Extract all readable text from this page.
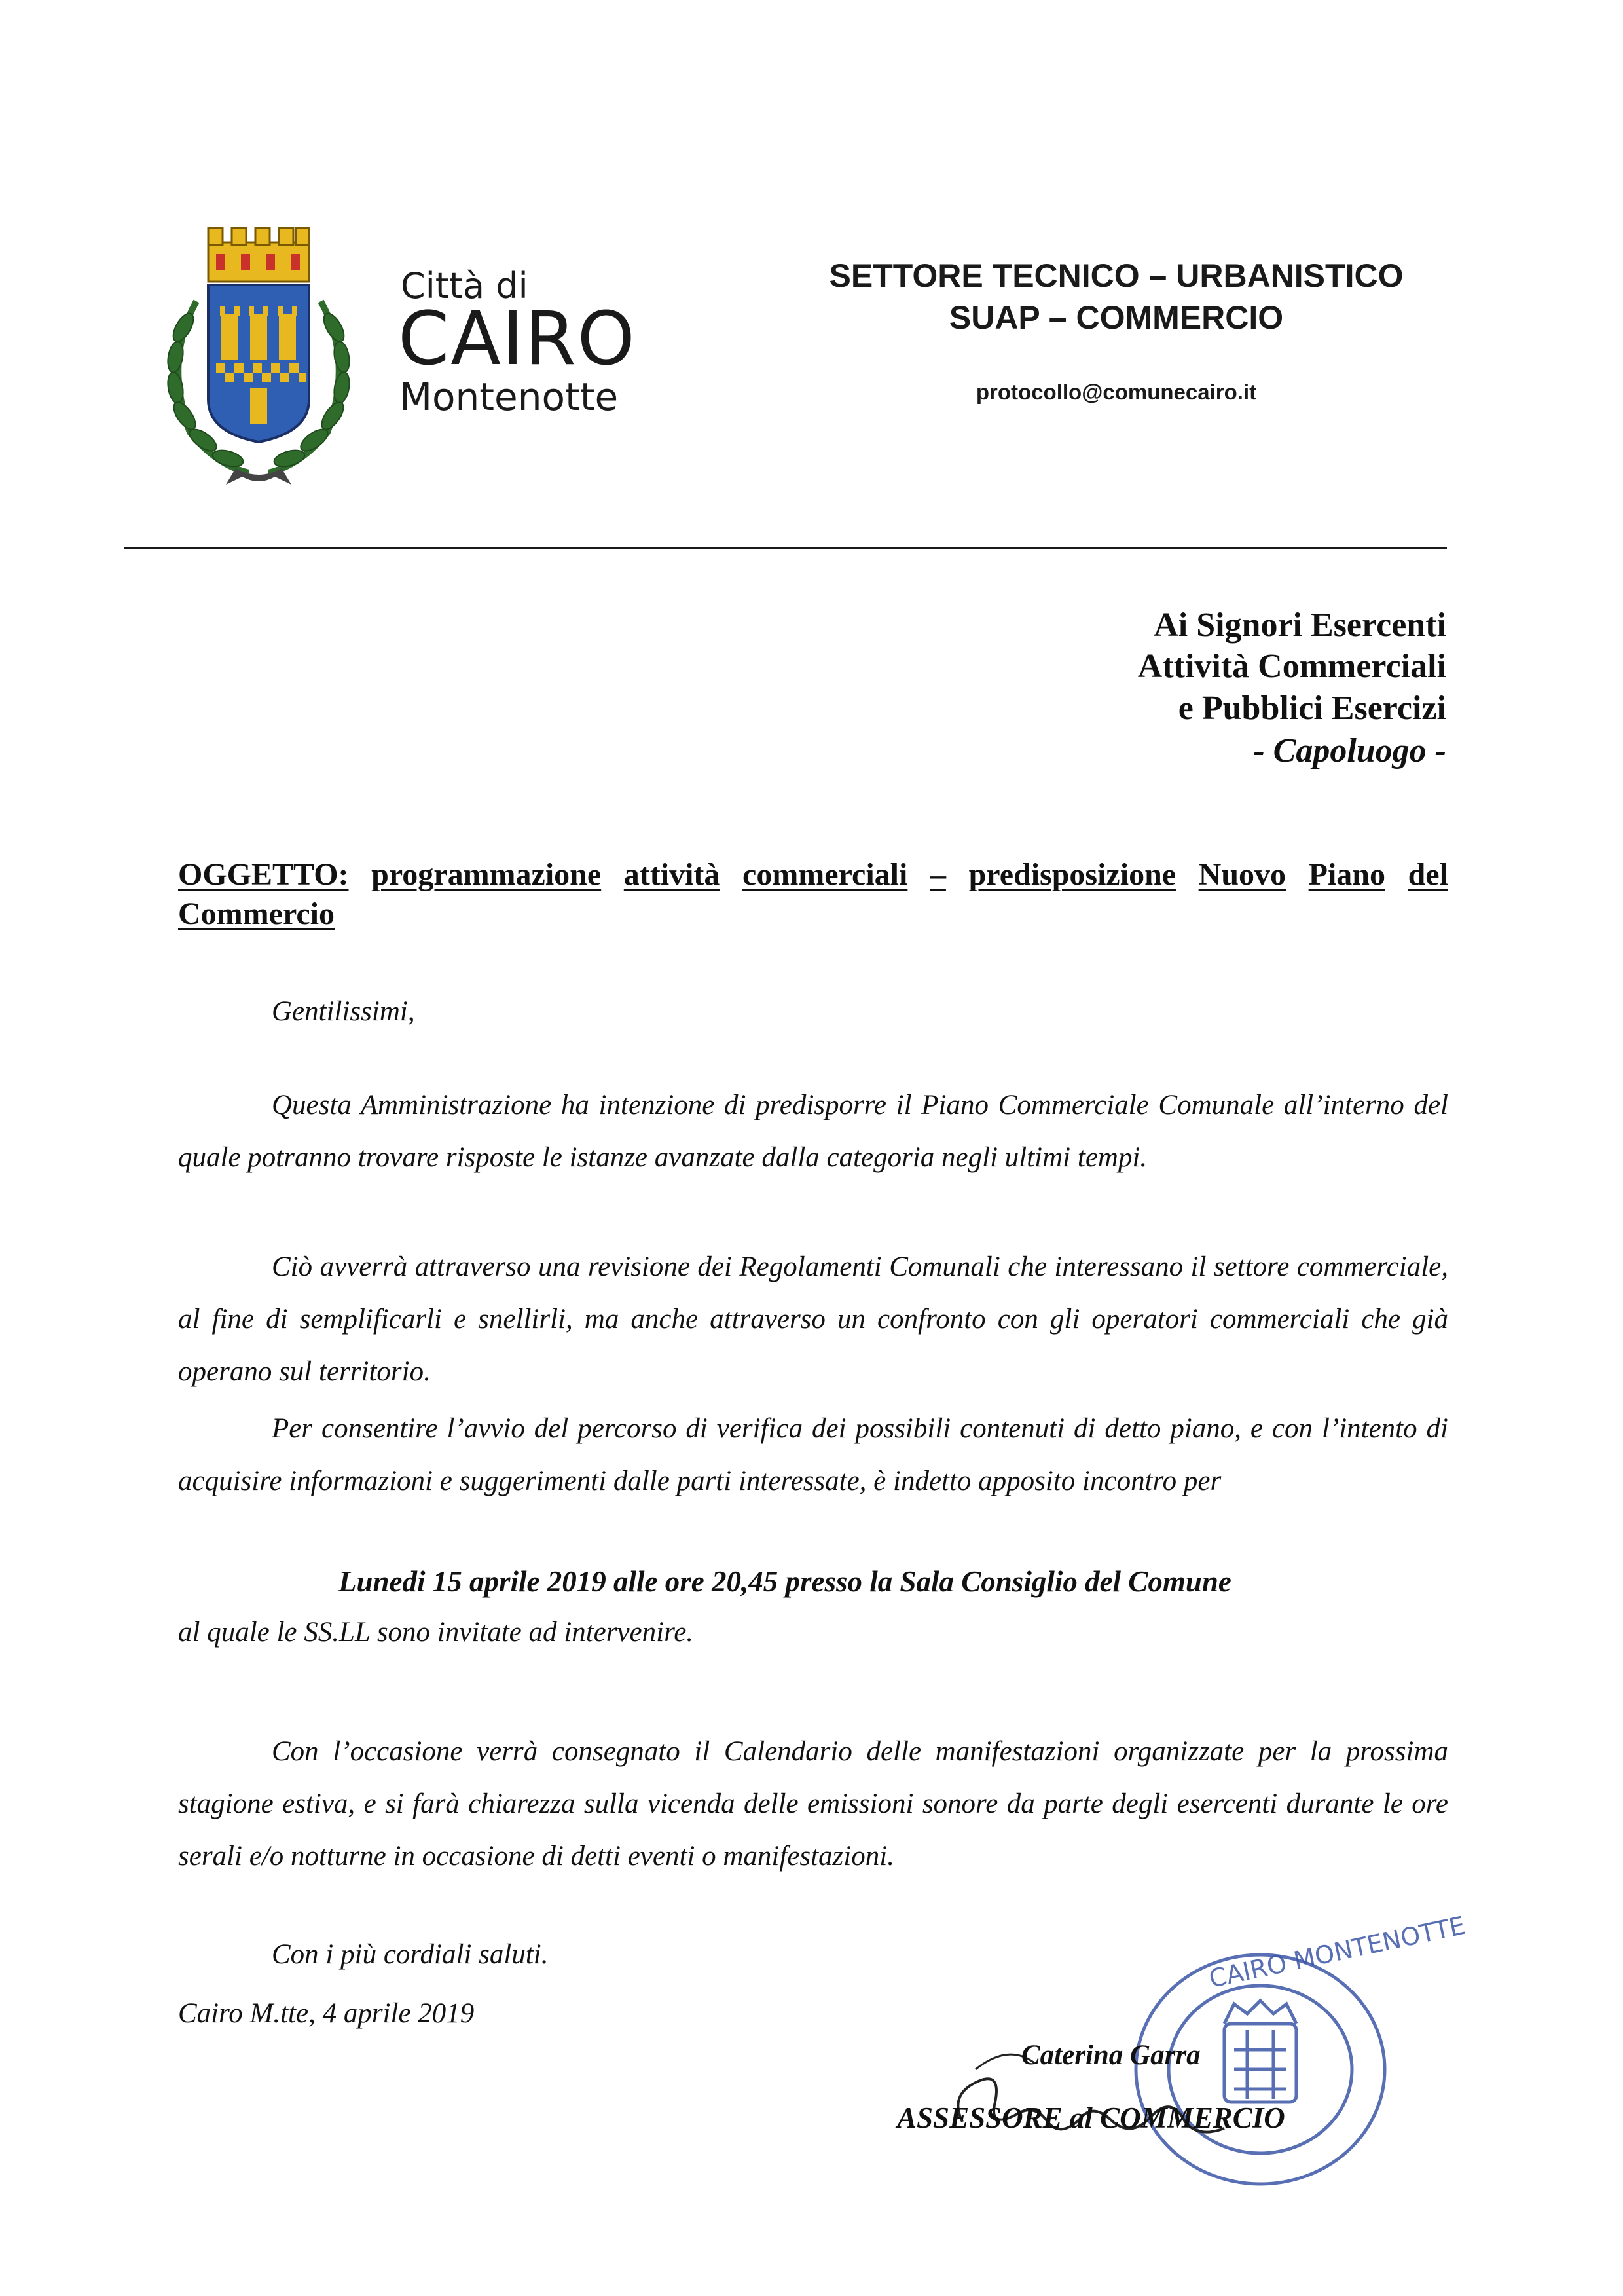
Città di
CAIRO
Montenotte
SETTORE TECNICO – URBANISTICO
SUAP – COMMERCIO
protocollo@comunecairo.it
Ai Signori Esercenti
Attività Commerciali
e Pubblici Esercizi
- Capoluogo -
OGGETTO: programmazione attività commerciali – predisposizione Nuovo Piano del
Commercio
Gentilissimi,
Questa Amministrazione ha intenzione di predisporre il Piano Commerciale Comunale all’interno del quale potranno trovare risposte le istanze avanzate dalla categoria negli ultimi tempi.
Ciò avverrà attraverso una revisione dei Regolamenti Comunali che interessano il settore commerciale, al fine di semplificarli e snellirli, ma anche attraverso un confronto con gli operatori commerciali che già operano sul territorio.
Per consentire l’avvio del percorso di verifica dei possibili contenuti di detto piano, e con l’intento di acquisire informazioni e suggerimenti dalle parti interessate, è indetto apposito incontro per
Lunedi 15 aprile 2019 alle ore 20,45 presso la Sala Consiglio del Comune
al quale le SS.LL sono invitate ad intervenire.
Con l’occasione verrà consegnato il Calendario delle manifestazioni organizzate per la prossima stagione estiva, e si farà chiarezza sulla vicenda delle emissioni sonore da parte degli esercenti durante le ore serali e/o notturne in occasione di detti eventi o manifestazioni.
Con i più cordiali saluti.
Cairo M.tte, 4 aprile 2019
CAIRO MONTENOTTE
Caterina Garra
ASSESSORE al COMMERCIO
